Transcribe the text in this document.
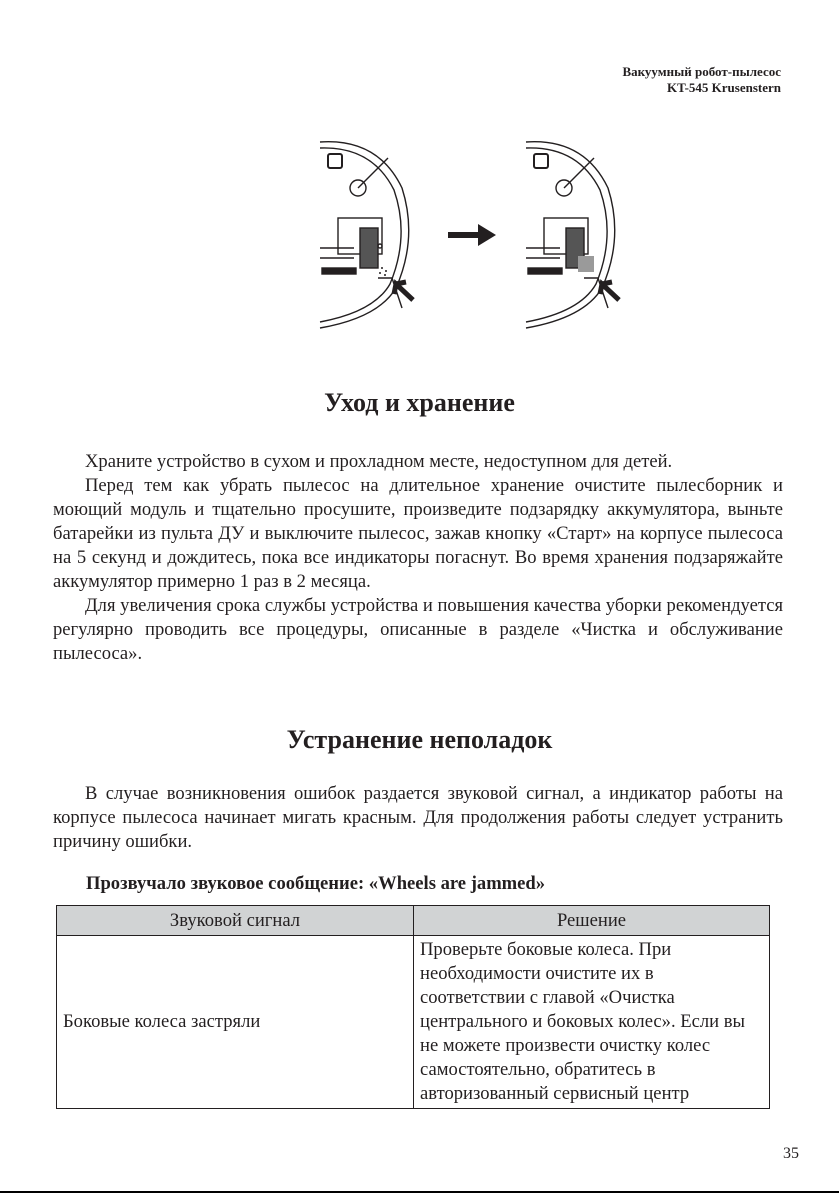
Вакуумный робот-пылесос
KT-545 Krusenstern
Уход и хранение

Храните устройство в сухом и прохладном месте, недоступном для детей.

Перед тем как убрать пылесос на длительное хранение очистите пылесборник и моющий модуль и тщательно просушите, произведите подзарядку аккумулятора, выньте батарейки из пульта ДУ и выключите пылесос, зажав кнопку «Старт» на корпусе пылесоса на 5 секунд и дождитесь, пока все индикаторы погаснут. Во время хранения подзаряжайте аккумулятор примерно 1 раз в 2 месяца.

Для увеличения срока службы устройства и повышения качества уборки рекомендуется регулярно проводить все процедуры, описанные в разделе «Чистка и обслуживание пылесоса».

Устранение неполадок

В случае возникновения ошибок раздается звуковой сигнал, а индикатор работы на корпусе пылесоса начинает мигать красным. Для продолжения работы следует устранить причину ошибки.

Прозвучало звуковое сообщение: «Wheels are jammed»
Звуковой сигнал	Решение
Боковые колеса застряли	Проверьте боковые колеса. При необходимости очистите их в соответствии с главой «Очистка центрального и боковых колес». Если вы не можете произвести очистку колес самостоятельно, обратитесь в авторизованный сервисный центр
35
